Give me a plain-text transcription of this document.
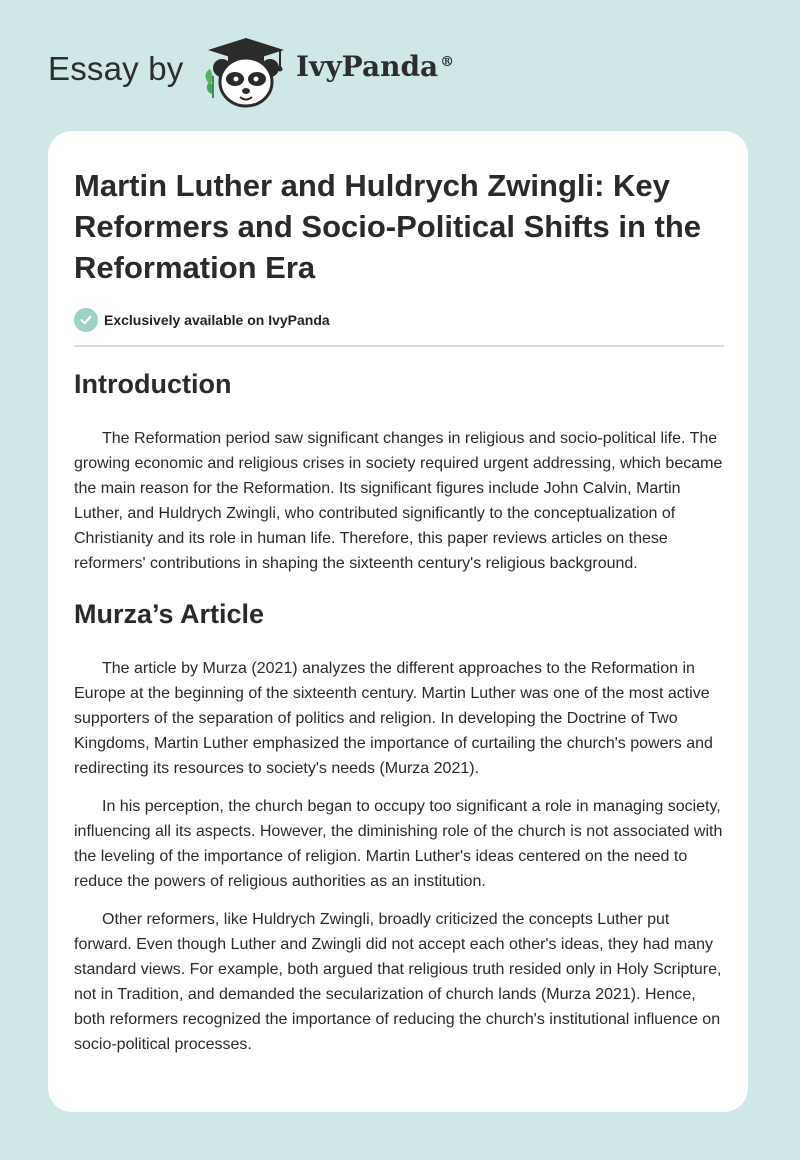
Essay by	IvyPanda ®
Martin Luther and Huldrych Zwingli: Key Reformers and Socio-Political Shifts in the Reformation Era
Exclusively available on IvyPanda
Introduction

The Reformation period saw significant changes in religious and socio-political life. The growing economic and religious crises in society required urgent addressing, which became the main reason for the Reformation. Its significant figures include John Calvin, Martin Luther, and Huldrych Zwingli, who contributed significantly to the conceptualization of Christianity and its role in human life. Therefore, this paper reviews articles on these reformers' contributions in shaping the sixteenth century's religious background.

Murza’s Article

The article by Murza (2021) analyzes the different approaches to the Reformation in Europe at the beginning of the sixteenth century. Martin Luther was one of the most active supporters of the separation of politics and religion. In developing the Doctrine of Two Kingdoms, Martin Luther emphasized the importance of curtailing the church's powers and redirecting its resources to society's needs (Murza 2021).

In his perception, the church began to occupy too significant a role in managing society, influencing all its aspects. However, the diminishing role of the church is not associated with the leveling of the importance of religion. Martin Luther's ideas centered on the need to reduce the powers of religious authorities as an institution.

Other reformers, like Huldrych Zwingli, broadly criticized the concepts Luther put forward. Even though Luther and Zwingli did not accept each other's ideas, they had many standard views. For example, both argued that religious truth resided only in Holy Scripture, not in Tradition, and demanded the secularization of church lands (Murza 2021). Hence, both reformers recognized the importance of reducing the church's institutional influence on socio-political processes.
